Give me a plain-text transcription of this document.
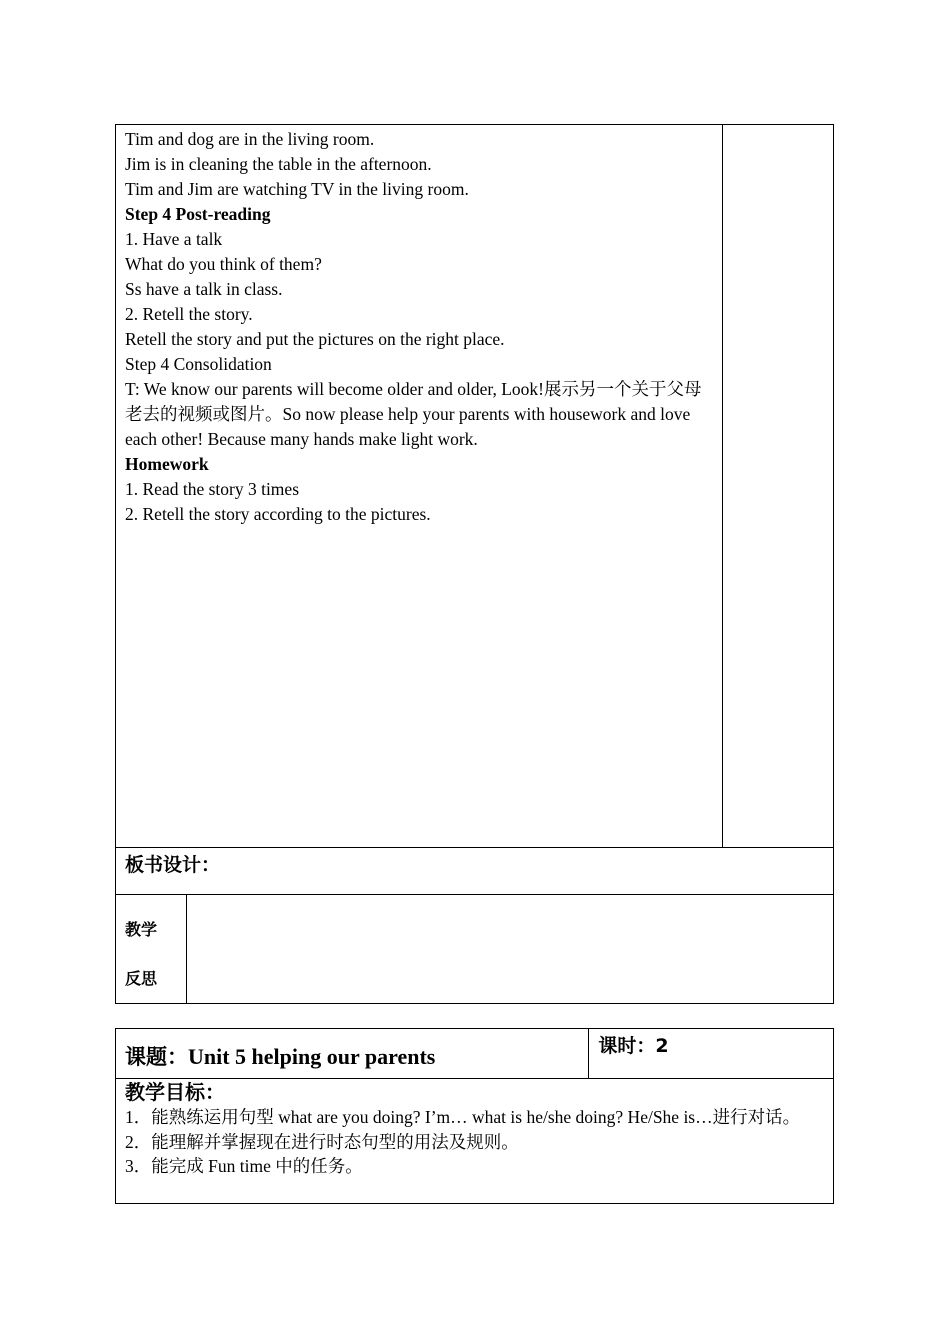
Tim and dog are in the living room.
Jim is in cleaning the table in the afternoon.
Tim and Jim are watching TV in the living room.
Step 4 Post-reading
1. Have a talk
What do you think of them?
Ss have a talk in class.
2. Retell the story.
Retell the story and put the pictures on the right place.
Step 4 Consolidation
T: We know our parents will become older and older, Look!展示另一个关于父母老去的视频或图片。So now please help your parents with housework and love each other! Because many hands make light work.
Homework
1. Read the story 3 times
2. Retell the story according to the pictures.

板书设计：

教学
反思

课题：Unit 5 helping our parents	课时：2

教学目标：
1．能熟练运用句型 what are you doing? I’m… what is he/she doing? He/She is…进行对话。
2．能理解并掌握现在进行时态句型的用法及规则。
3．能完成 Fun time 中的任务。
